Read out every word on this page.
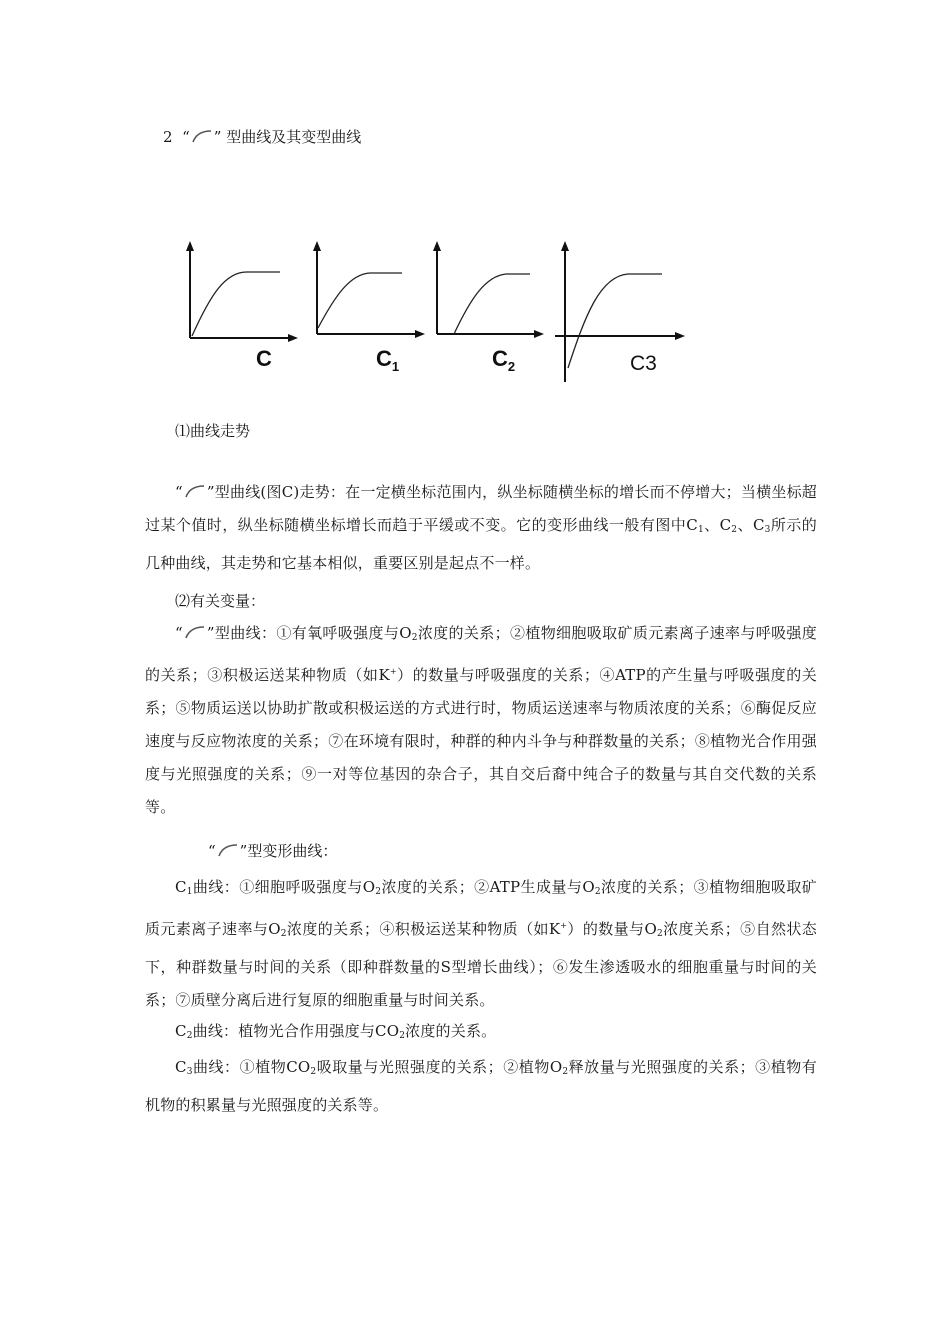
2 “ ” 型曲线及其变型曲线
C	$C_1$	$C_2$	C3
⑴曲线走势
“ ”型曲线(图C)走势：在一定横坐标范围内，纵坐标随横坐标的增长而不停增大；当横坐标超过某个值时，纵坐标随横坐标增长而趋于平缓或不变。它的变形曲线一般有图中$C_1$、$C_2$、$C_3$所示的几种曲线，其走势和它基本相似，重要区别是起点不一样。
⑵有关变量：
“ ”型曲线：①有氧呼吸强度与$O_2$浓度的关系；②植物细胞吸取矿质元素离子速率与呼吸强度的关系；③积极运送某种物质（如K+）的数量与呼吸强度的关系；④ATP的产生量与呼吸强度的关系；⑤物质运送以协助扩散或积极运送的方式进行时，物质运送速率与物质浓度的关系；⑥酶促反应速度与反应物浓度的关系；⑦在环境有限时，种群的种内斗争与种群数量的关系；⑧植物光合作用强度与光照强度的关系；⑨一对等位基因的杂合子，其自交后裔中纯合子的数量与其自交代数的关系等。
“ ”型变形曲线：
$C_1$曲线：①细胞呼吸强度与$O_2$浓度的关系；②ATP生成量与$O_2$浓度的关系；③植物细胞吸取矿质元素离子速率与$O_2$浓度的关系；④积极运送某种物质（如K+）的数量与$O_2$浓度关系；⑤自然状态下，种群数量与时间的关系（即种群数量的S型增长曲线）；⑥发生渗透吸水的细胞重量与时间的关系；⑦质壁分离后进行复原的细胞重量与时间关系。
$C_2$曲线：植物光合作用强度与$CO_2$浓度的关系。
$C_3$曲线：①植物$CO_2$吸取量与光照强度的关系；②植物$O_2$释放量与光照强度的关系；③植物有机物的积累量与光照强度的关系等。
